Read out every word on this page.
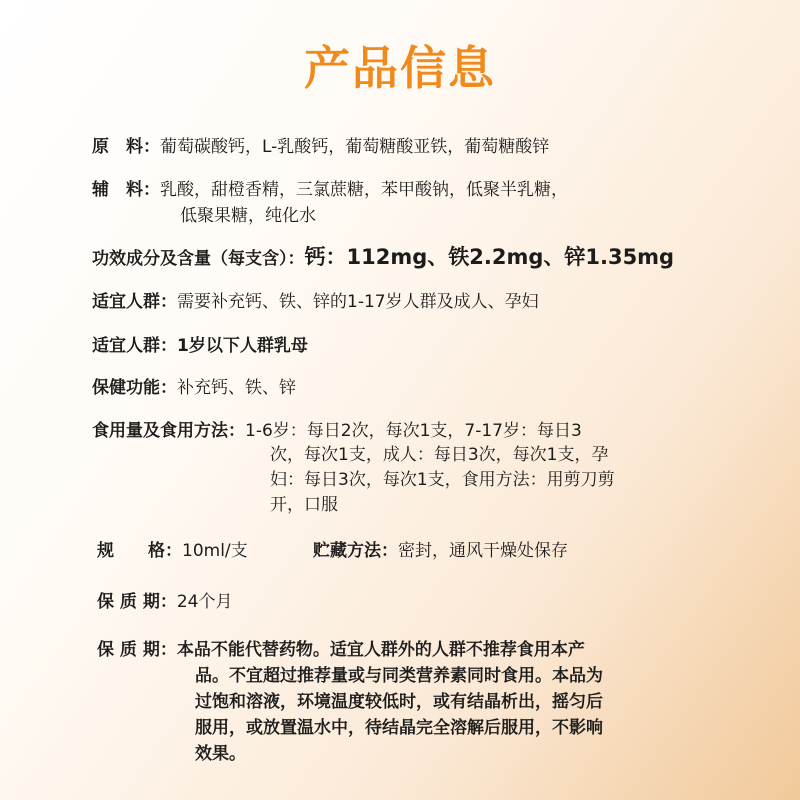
产品信息
原　料：葡萄碳酸钙，L-乳酸钙，葡萄糖酸亚铁，葡萄糖酸锌
辅　料：乳酸，甜橙香精，三氯蔗糖，苯甲酸钠，低聚半乳糖，
低聚果糖，纯化水
功效成分及含量（每支含）：钙：112mg、铁2.2mg、锌1.35mg
适宜人群：需要补充钙、铁、锌的1-17岁人群及成人、孕妇
适宜人群：1岁以下人群乳母
保健功能：补充钙、铁、锌
食用量及食用方法：1-6岁：每日2次，每次1支，7-17岁：每日3
次，每次1支，成人：每日3次，每次1支，孕
妇：每日3次，每次1支，食用方法：用剪刀剪
开，口服
规　　格：10ml/支	贮藏方法：密封，通风干燥处保存
保 质 期：24个月
保 质 期：本品不能代替药物。适宜人群外的人群不推荐食用本产
品。不宜超过推荐量或与同类营养素同时食用。本品为
过饱和溶液，环境温度较低时，或有结晶析出，摇匀后
服用，或放置温水中，待结晶完全溶解后服用，不影响
效果。
